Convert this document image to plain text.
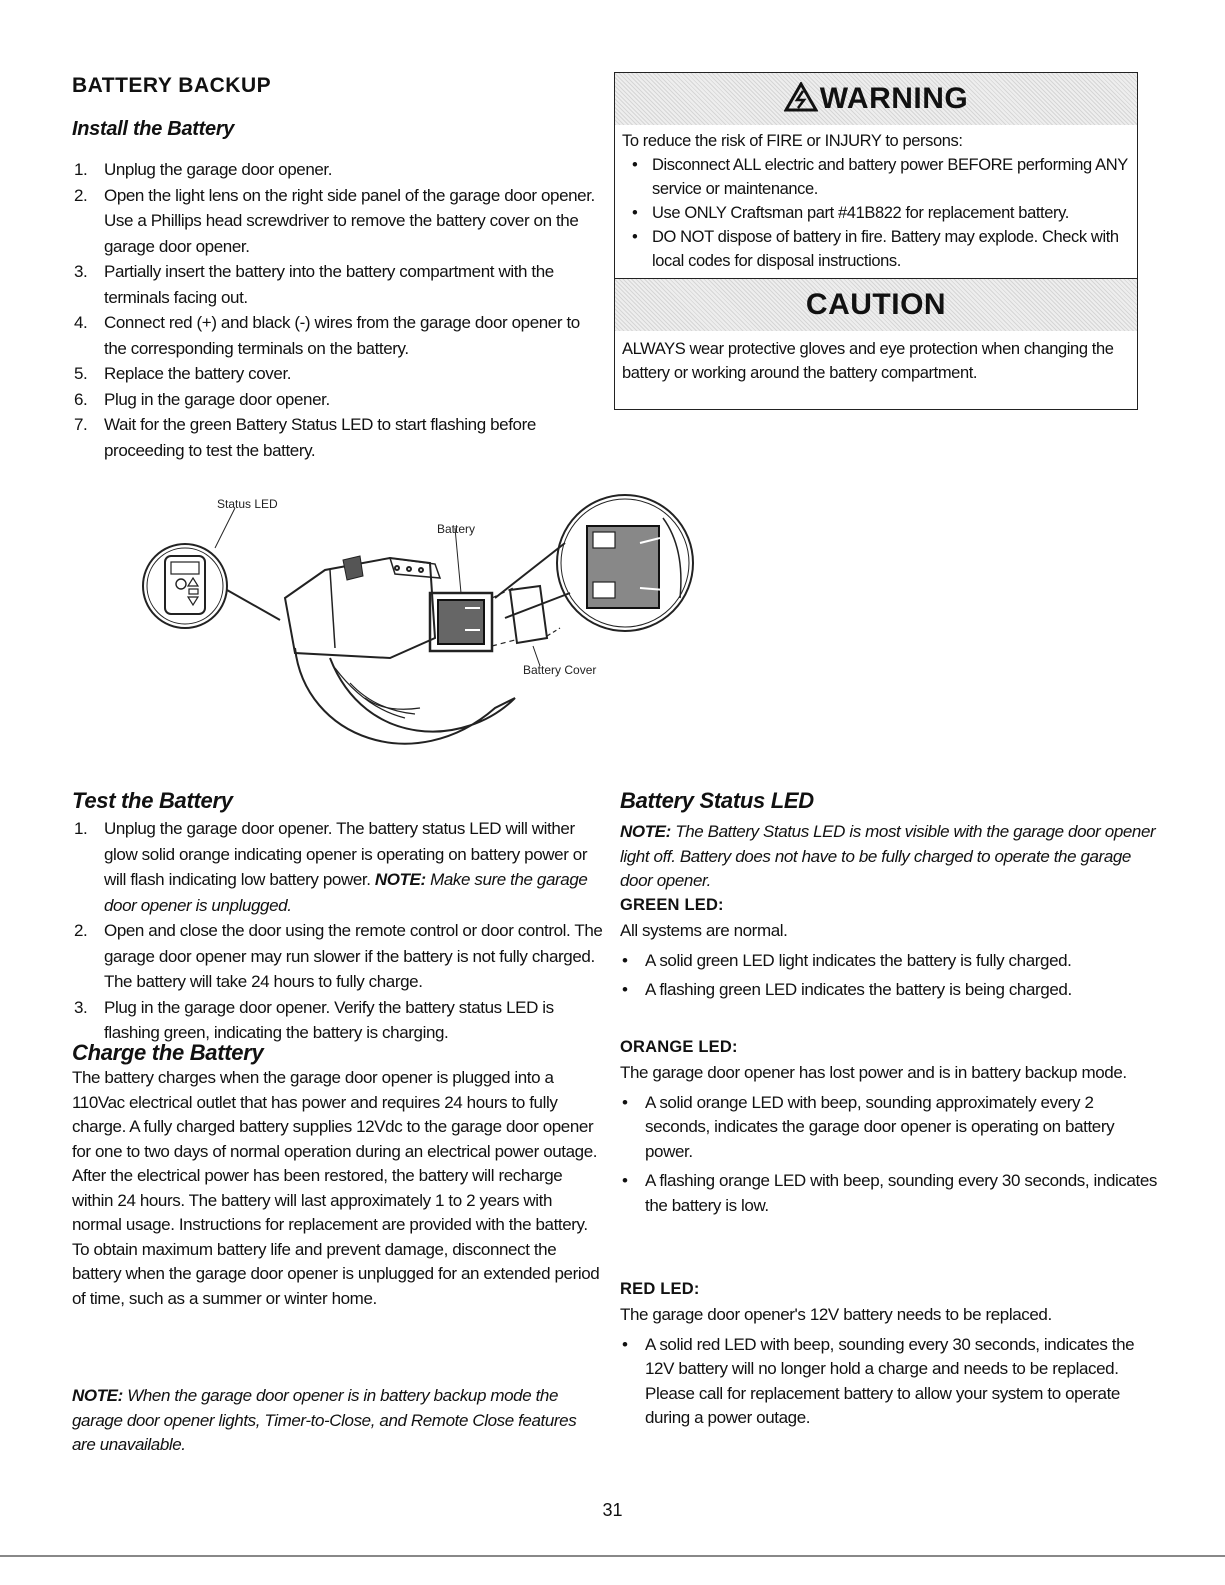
BATTERY BACKUP
Install the Battery
1. Unplug the garage door opener.
2. Open the light lens on the right side panel of the garage door opener. Use a Phillips head screwdriver to remove the battery cover on the garage door opener.
3. Partially insert the battery into the battery compartment with the terminals facing out.
4. Connect red (+) and black (-) wires from the garage door opener to the corresponding terminals on the battery.
5. Replace the battery cover.
6. Plug in the garage door opener.
7. Wait for the green Battery Status LED to start flashing before proceeding to test the battery.
WARNING
To reduce the risk of FIRE or INJURY to persons:
• Disconnect ALL electric and battery power BEFORE performing ANY service or maintenance.
• Use ONLY Craftsman part #41B822 for replacement battery.
• DO NOT dispose of battery in fire. Battery may explode. Check with local codes for disposal instructions.
CAUTION
ALWAYS wear protective gloves and eye protection when changing the battery or working around the battery compartment.
Status LED
Battery
Battery Cover
Test the Battery
1. Unplug the garage door opener. The battery status LED will wither glow solid orange indicating opener is operating on battery power or will flash indicating low battery power. NOTE: Make sure the garage door opener is unplugged.
2. Open and close the door using the remote control or door control. The garage door opener may run slower if the battery is not fully charged. The battery will take 24 hours to fully charge.
3. Plug in the garage door opener. Verify the battery status LED is flashing green, indicating the battery is charging.
Charge the Battery

The battery charges when the garage door opener is plugged into a 110Vac electrical outlet that has power and requires 24 hours to fully charge. A fully charged battery supplies 12Vdc to the garage door opener for one to two days of normal operation during an electrical power outage. After the electrical power has been restored, the battery will recharge within 24 hours. The battery will last approximately 1 to 2 years with normal usage. Instructions for replacement are provided with the battery. To obtain maximum battery life and prevent damage, disconnect the battery when the garage door opener is unplugged for an extended period of time, such as a summer or winter home.

NOTE: When the garage door opener is in battery backup mode the garage door opener lights, Timer-to-Close, and Remote Close features are unavailable.

Battery Status LED

NOTE: The Battery Status LED is most visible with the garage door opener light off. Battery does not have to be fully charged to operate the garage door opener.

GREEN LED:

All systems are normal.

• A solid green LED light indicates the battery is fully charged.
• A flashing green LED indicates the battery is being charged.

ORANGE LED:

The garage door opener has lost power and is in battery backup mode.

• A solid orange LED with beep, sounding approximately every 2 seconds, indicates the garage door opener is operating on battery power.
• A flashing orange LED with beep, sounding every 30 seconds, indicates the battery is low.

RED LED:

The garage door opener's 12V battery needs to be replaced.

• A solid red LED with beep, sounding every 30 seconds, indicates the 12V battery will no longer hold a charge and needs to be replaced. Please call for replacement battery to allow your system to operate during a power outage.
31
